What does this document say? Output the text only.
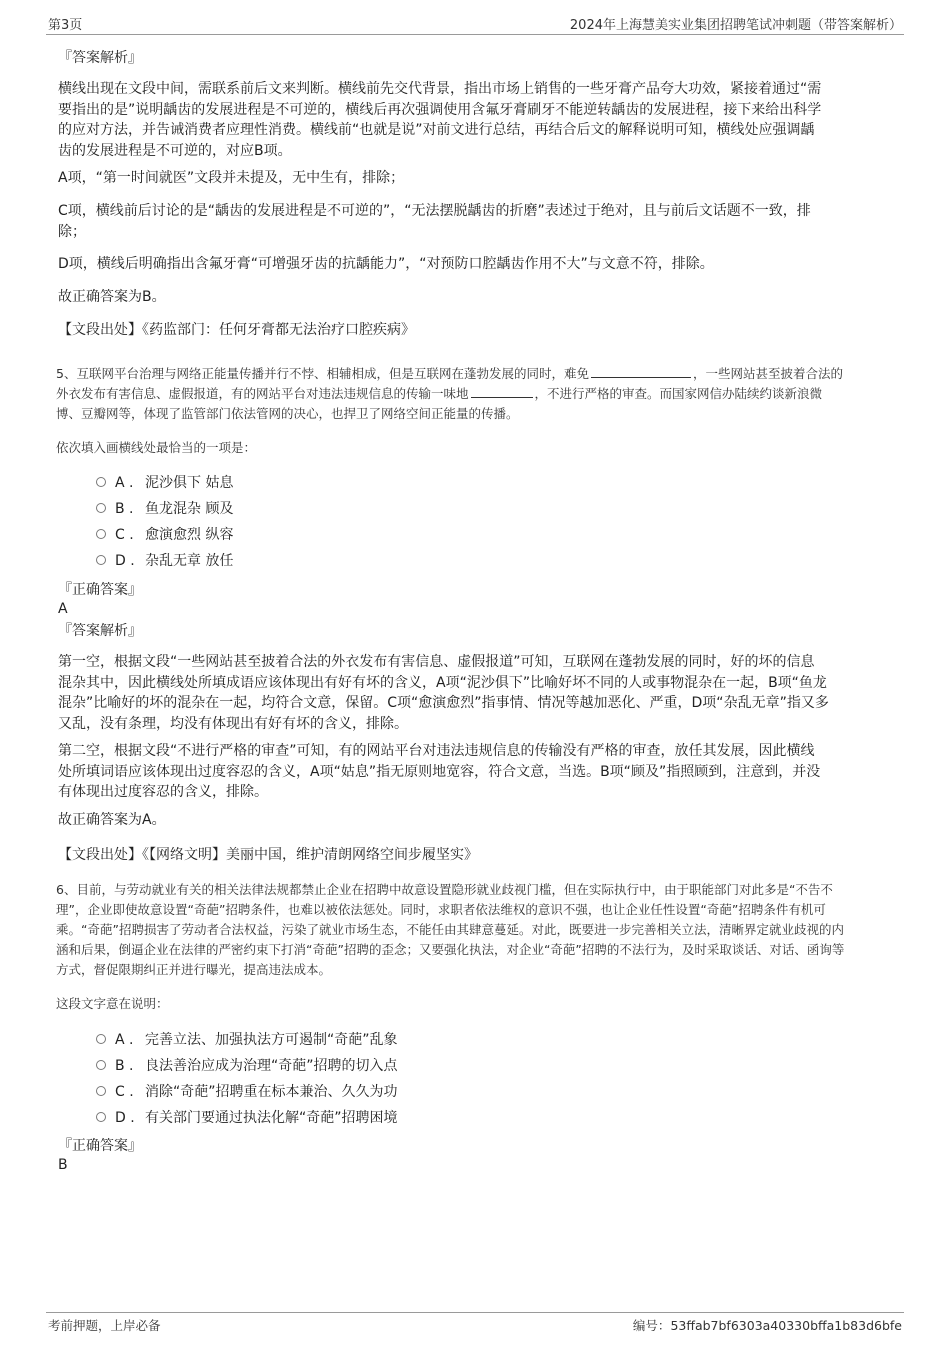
第3页	2024年上海慧美实业集团招聘笔试冲刺题（带答案解析）
『答案解析』
横线出现在文段中间，需联系前后文来判断。横线前先交代背景，指出市场上销售的一些牙膏产品夸大功效，紧接着通过“需
要指出的是”说明龋齿的发展进程是不可逆的，横线后再次强调使用含氟牙膏刷牙不能逆转龋齿的发展进程，接下来给出科学
的应对方法，并告诫消费者应理性消费。横线前“也就是说”对前文进行总结，再结合后文的解释说明可知，横线处应强调龋
齿的发展进程是不可逆的，对应B项。
A项，“第一时间就医”文段并未提及，无中生有，排除；
C项，横线前后讨论的是“龋齿的发展进程是不可逆的”，“无法摆脱龋齿的折磨”表述过于绝对，且与前后文话题不一致，排
除；
D项，横线后明确指出含氟牙膏“可增强牙齿的抗龋能力”，“对预防口腔龋齿作用不大”与文意不符，排除。
故正确答案为B。
【文段出处】《药监部门：任何牙膏都无法治疗口腔疾病》
5、互联网平台治理与网络正能量传播并行不悖、相辅相成，但是互联网在蓬勃发展的同时，难免	，一些网站甚至披着合法的
外衣发布有害信息、虚假报道，有的网站平台对违法违规信息的传输一味地	，不进行严格的审查。而国家网信办陆续约谈新浪微
博、豆瓣网等，体现了监管部门依法管网的决心，也捍卫了网络空间正能量的传播。
依次填入画横线处最恰当的一项是：
A . 泥沙俱下 姑息
B . 鱼龙混杂 顾及
C . 愈演愈烈 纵容
D . 杂乱无章 放任
『正确答案』
A
『答案解析』
第一空，根据文段“一些网站甚至披着合法的外衣发布有害信息、虚假报道”可知，互联网在蓬勃发展的同时，好的坏的信息
混杂其中，因此横线处所填成语应该体现出有好有坏的含义，A项“泥沙俱下”比喻好坏不同的人或事物混杂在一起，B项“鱼龙
混杂”比喻好的坏的混杂在一起，均符合文意，保留。C项“愈演愈烈”指事情、情况等越加恶化、严重，D项“杂乱无章”指又多
又乱，没有条理，均没有体现出有好有坏的含义，排除。
第二空，根据文段“不进行严格的审查”可知，有的网站平台对违法违规信息的传输没有严格的审查，放任其发展，因此横线
处所填词语应该体现出过度容忍的含义，A项“姑息”指无原则地宽容，符合文意，当选。B项“顾及”指照顾到，注意到，并没
有体现出过度容忍的含义，排除。
故正确答案为A。
【文段出处】《【网络文明】美丽中国，维护清朗网络空间步履坚实》
6、目前，与劳动就业有关的相关法律法规都禁止企业在招聘中故意设置隐形就业歧视门槛，但在实际执行中，由于职能部门对此多是“不告不
理”，企业即使故意设置“奇葩”招聘条件，也难以被依法惩处。同时，求职者依法维权的意识不强，也让企业任性设置“奇葩”招聘条件有机可
乘。“奇葩”招聘损害了劳动者合法权益，污染了就业市场生态，不能任由其肆意蔓延。对此，既要进一步完善相关立法，清晰界定就业歧视的内
涵和后果，倒逼企业在法律的严密约束下打消“奇葩”招聘的歪念；又要强化执法，对企业“奇葩”招聘的不法行为，及时采取谈话、对话、函询等
方式，督促限期纠正并进行曝光，提高违法成本。
这段文字意在说明：
A . 完善立法、加强执法方可遏制“奇葩”乱象
B . 良法善治应成为治理“奇葩”招聘的切入点
C . 消除“奇葩”招聘重在标本兼治、久久为功
D . 有关部门要通过执法化解“奇葩”招聘困境
『正确答案』
B
考前押题，上岸必备	编号：53ffab7bf6303a40330bffa1b83d6bfe
